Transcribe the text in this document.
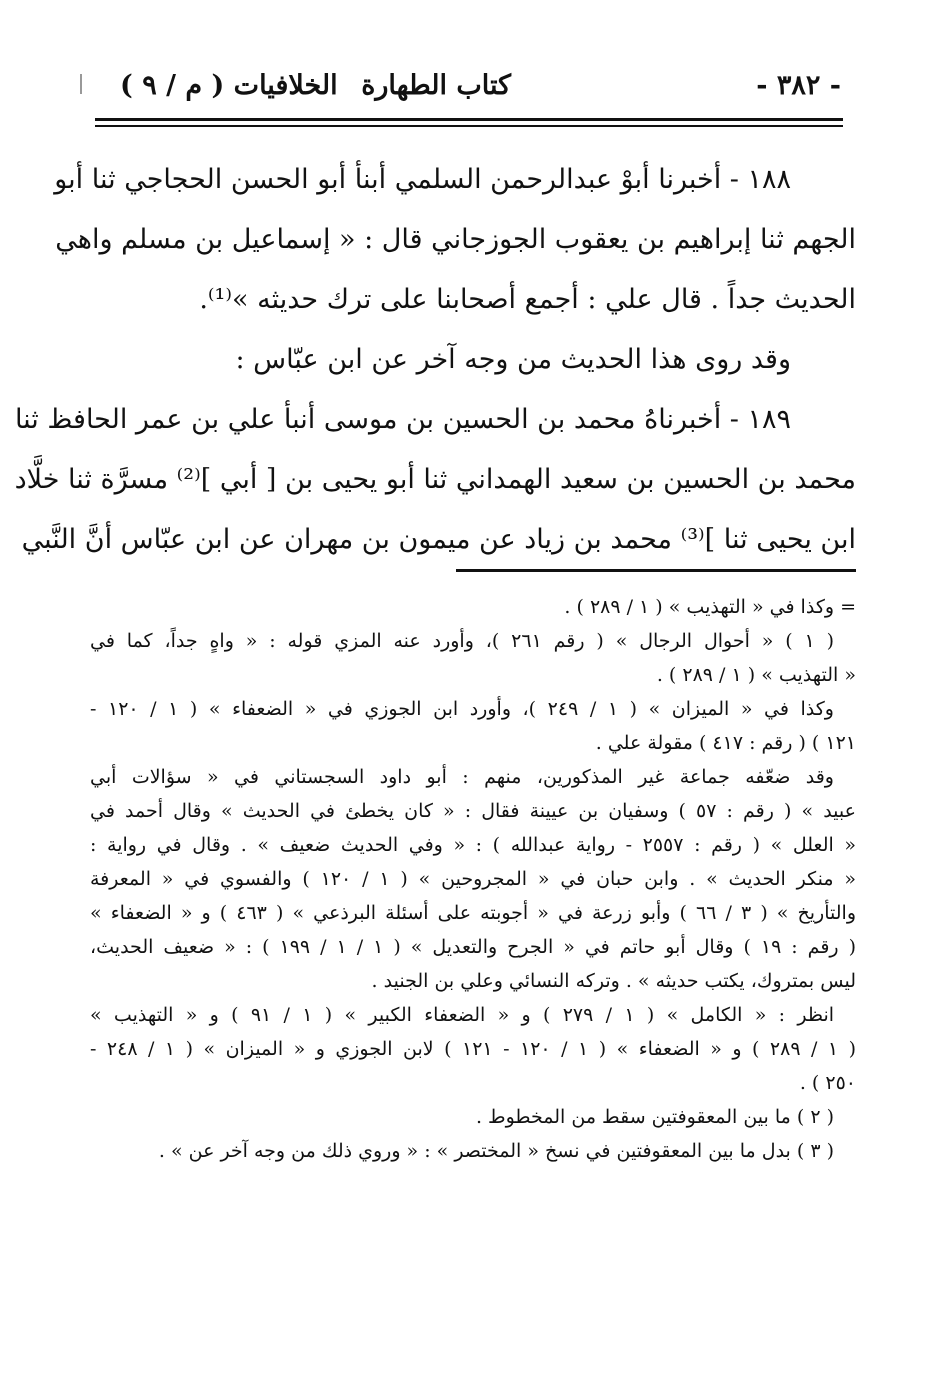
- ٣٨٢ -
كتاب الطهارة
الخلافيات ( م / ٩ )
١٨٨ - أخبرنا أبوْ عبدالرحمن السلمي أبنأ أبو الحسن الحجاجي ثنا أبو
الجهم ثنا إبراهيم بن يعقوب الجوزجاني قال : « إسماعيل بن مسلم واهي
الحديث جداً . قال علي : أجمع أصحابنا على ترك حديثه »⁽¹⁾.
وقد روى هذا الحديث من وجه آخر عن ابن عبّاس :
١٨٩ - أخبرناهُ محمد بن الحسين بن موسى أنبأ علي بن عمر الحافظ ثنا
محمد بن الحسين بن سعيد الهمداني ثنا أبو يحيى بن [ أبي ]⁽²⁾ مسرَّة ثنا خلَّاد
ابن يحيى ثنا ]⁽³⁾ محمد بن زياد عن ميمون بن مهران عن ابن عبّاس أنَّ النَّبي
= وكذا في « التهذيب » ( ١ / ٢٨٩ ) .
( ١ ) « أحوال الرجال » ( رقم ٢٦١ )، وأورد عنه المزي قوله : « واهٍ جداً، كما في
« التهذيب » ( ١ / ٢٨٩ ) .
وكذا في « الميزان » ( ١ / ٢٤٩ )، وأورد ابن الجوزي في « الضعفاء » ( ١ / ١٢٠ -
١٢١ ) ( رقم : ٤١٧ ) مقولة علي .
وقد ضعّفه جماعة غير المذكورين، منهم : أبو داود السجستاني في « سؤالات أبي
عبيد » ( رقم : ٥٧ ) وسفيان بن عيينة فقال : « كان يخطئ في الحديث » وقال أحمد في
« العلل » ( رقم : ٢٥٥٧ - رواية عبدالله ) : « وفي الحديث ضعيف » . وقال في رواية :
« منكر الحديث » . وابن حبان في « المجروحين » ( ١ / ١٢٠ ) والفسوي في « المعرفة
والتأريخ » ( ٣ / ٦٦ ) وأبو زرعة في « أجوبته على أسئلة البرذعي » ( ٤٦٣ ) و « الضعفاء »
( رقم : ١٩ ) وقال أبو حاتم في « الجرح والتعديل » ( ١ / ١ / ١٩٩ ) : « ضعيف الحديث،
ليس بمتروك، يكتب حديثه » . وتركه النسائي وعلي بن الجنيد .
انظر : « الكامل » ( ١ / ٢٧٩ ) و « الضعفاء الكبير » ( ١ / ٩١ ) و « التهذيب »
( ١ / ٢٨٩ ) و « الضعفاء » ( ١ / ١٢٠ - ١٢١ ) لابن الجوزي و « الميزان » ( ١ / ٢٤٨ -
٢٥٠ ) .
( ٢ ) ما بين المعقوفتين سقط من المخطوط .
( ٣ ) بدل ما بين المعقوفتين في نسخ « المختصر » : « وروي ذلك من وجه آخر عن » .
